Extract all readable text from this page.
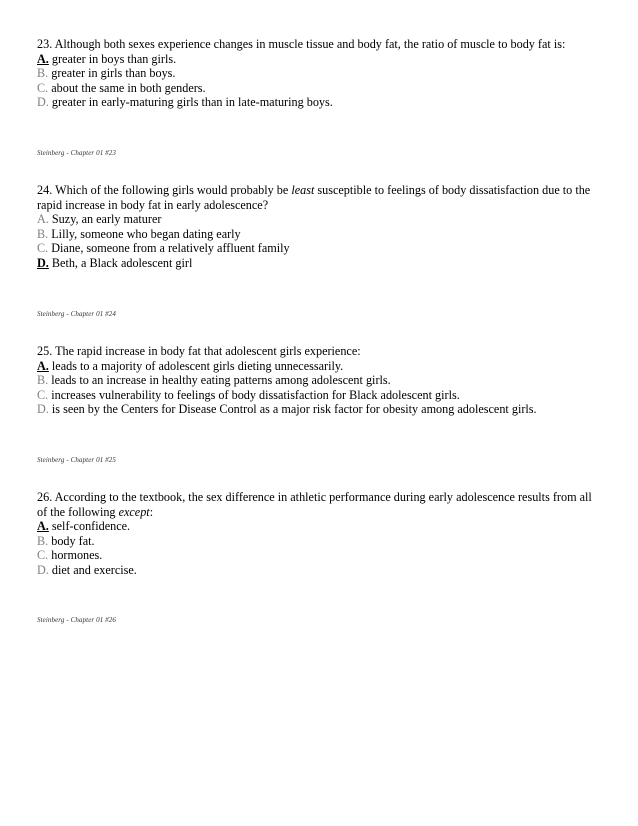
23. Although both sexes experience changes in muscle tissue and body fat, the ratio of muscle to body fat is:

A. greater in boys than girls.

B. greater in girls than boys.

C. about the same in both genders.

D. greater in early-maturing girls than in late-maturing boys.

Steinberg - Chapter 01 #23

24. Which of the following girls would probably be least susceptible to feelings of body dissatisfaction due to the rapid increase in body fat in early adolescence?

A. Suzy, an early maturer

B. Lilly, someone who began dating early

C. Diane, someone from a relatively affluent family

D. Beth, a Black adolescent girl

Steinberg - Chapter 01 #24

25. The rapid increase in body fat that adolescent girls experience:

A. leads to a majority of adolescent girls dieting unnecessarily.

B. leads to an increase in healthy eating patterns among adolescent girls.

C. increases vulnerability to feelings of body dissatisfaction for Black adolescent girls.

D. is seen by the Centers for Disease Control as a major risk factor for obesity among adolescent girls.

Steinberg - Chapter 01 #25

26. According to the textbook, the sex difference in athletic performance during early adolescence results from all of the following except:

A. self-confidence.

B. body fat.

C. hormones.

D. diet and exercise.

Steinberg - Chapter 01 #26
